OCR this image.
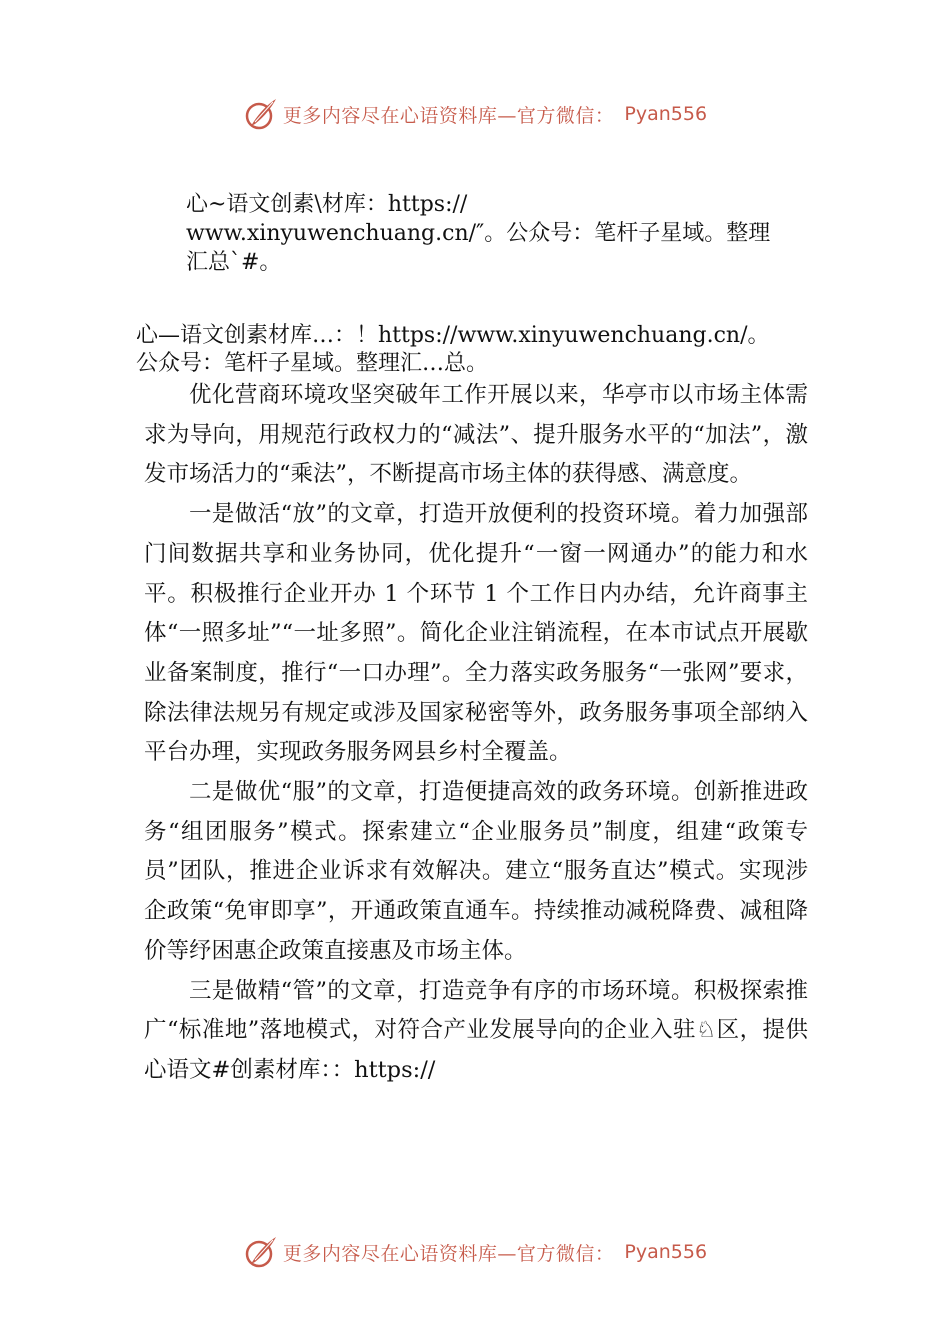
更多内容尽在心语资料库—官方微信： Pyan556
心~语文创素\材库：https://
www.xinyuwenchuang.cn/″。公众号：笔杆子星域。整理
汇总`#。
心—语文创素材库…：！https://www.xinyuwenchuang.cn/。
公众号：笔杆子星域。整理汇…总。

优化营商环境攻坚突破年工作开展以来，华亭市以市场主体需求为导向，用规范行政权力的“减法”、提升服务水平的“加法”，激发市场活力的“乘法”，不断提高市场主体的获得感、满意度。

一是做活“放”的文章，打造开放便利的投资环境。着力加强部门间数据共享和业务协同，优化提升“一窗一网通办”的能力和水平。积极推行企业开办 1 个环节 1 个工作日内办结，允许商事主体“一照多址”“一址多照”。简化企业注销流程，在本市试点开展歇业备案制度，推行“一口办理”。全力落实政务服务“一张网”要求，除法律法规另有规定或涉及国家秘密等外，政务服务事项全部纳入平台办理，实现政务服务网县乡村全覆盖。

二是做优“服”的文章，打造便捷高效的政务环境。创新推进政务“组团服务”模式。探索建立“企业服务员”制度，组建“政策专员”团队，推进企业诉求有效解决。建立“服务直达”模式。实现涉企政策“免审即享”，开通政策直通车。持续推动减税降费、减租降价等纾困惠企政策直接惠及市场主体。

三是做精“管”的文章，打造竞争有序的市场环境。积极探索推广“标准地”落地模式，对符合产业发展导向的企业入驻♘区，提供心语文#创素材库：：https://

更多内容尽在心语资料库—官方微信： Pyan556
